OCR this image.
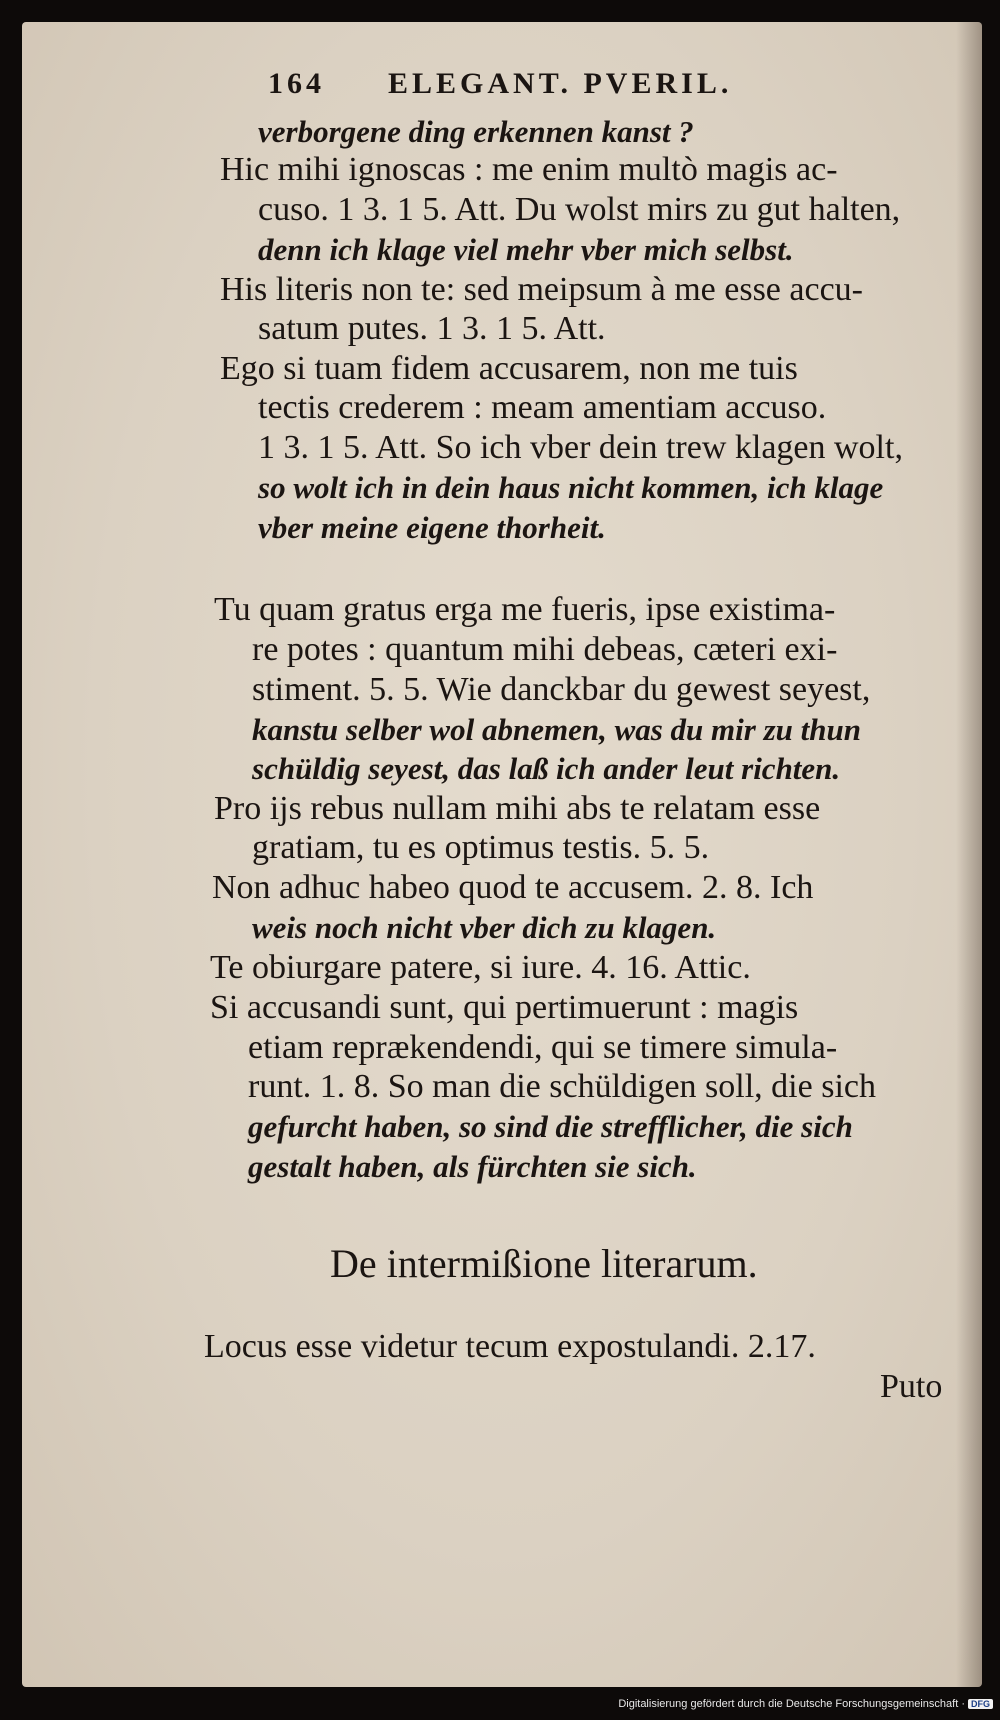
164 ELEGANT. PVERIL.
verborgene ding erkennen kanst ?
Hic mihi ignoscas : me enim multò magis ac-
cuso. 1 3. 1 5. Att. Du wolst mirs zu gut halten,
denn ich klage viel mehr vber mich selbst.
His literis non te: sed meipsum à me esse accu-
satum putes. 1 3. 1 5. Att.
Ego si tuam fidem accusarem, non me tuis
tectis crederem : meam amentiam accuso.
1 3. 1 5. Att. So ich vber dein trew klagen wolt,
so wolt ich in dein haus nicht kommen, ich klage
vber meine eigene thorheit.
Tu quam gratus erga me fueris, ipse existima-
re potes : quantum mihi debeas, cæteri exi-
stiment. 5. 5. Wie danckbar du gewest seyest,
kanstu selber wol abnemen, was du mir zu thun
schüldig seyest, das laß ich ander leut richten.
Pro ijs rebus nullam mihi abs te relatam esse
gratiam, tu es optimus testis. 5. 5.
Non adhuc habeo quod te accusem. 2. 8. Ich
weis noch nicht vber dich zu klagen.
Te obiurgare patere, si iure. 4. 16. Attic.
Si accusandi sunt, qui pertimuerunt : magis
etiam reprækendendi, qui se timere simula-
runt. 1. 8. So man die schüldigen soll, die sich
gefurcht haben, so sind die strefflicher, die sich
gestalt haben, als fürchten sie sich.
De intermißione literarum.
Locus esse videtur tecum expostulandi. 2.17.
Puto
Digitalisierung gefördert durch die Deutsche Forschungsgemeinschaft · DFG
